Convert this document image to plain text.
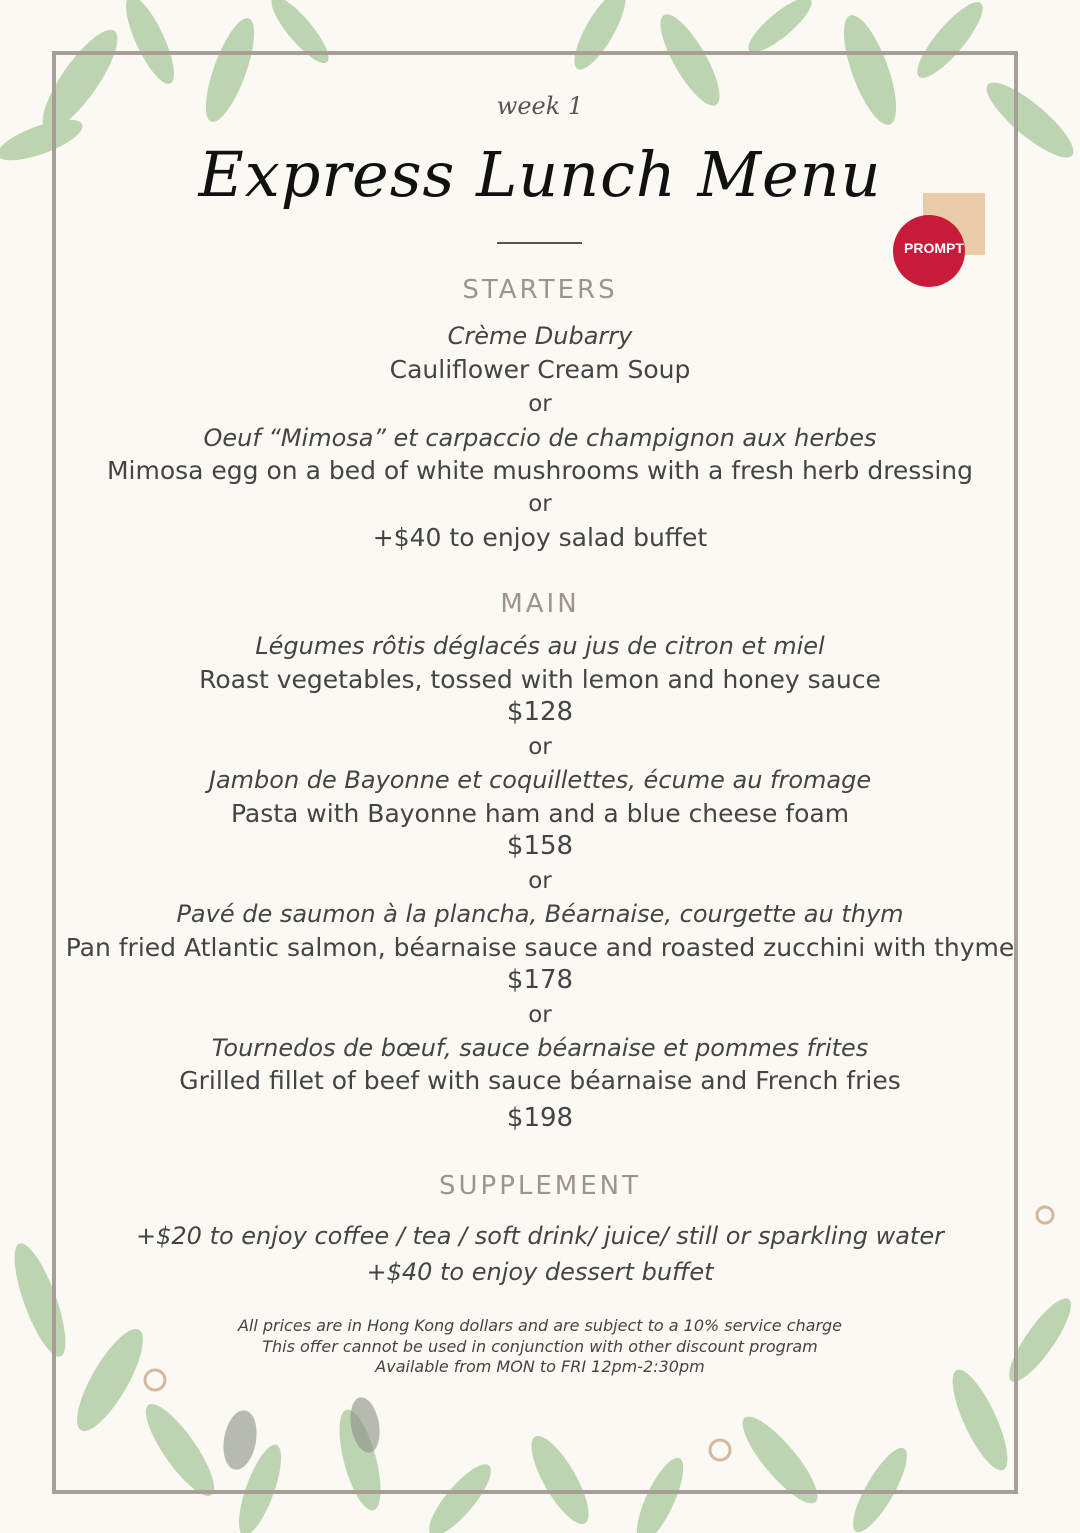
PROMPT
week 1
Express Lunch Menu
STARTERS
Crème Dubarry
Cauliflower Cream Soup
or
Oeuf “Mimosa” et carpaccio de champignon aux herbes
Mimosa egg on a bed of white mushrooms with a fresh herb dressing
or
+$40 to enjoy salad buffet
MAIN
Légumes rôtis déglacés au jus de citron et miel
Roast vegetables, tossed with lemon and honey sauce
$128
or
Jambon de Bayonne et coquillettes, écume au fromage
Pasta with Bayonne ham and a blue cheese foam
$158
or
Pavé de saumon à la plancha, Béarnaise, courgette au thym
Pan fried Atlantic salmon, béarnaise sauce and roasted zucchini with thyme
$178
or
Tournedos de bœuf, sauce béarnaise et pommes frites
Grilled fillet of beef with sauce béarnaise and French fries
$198
SUPPLEMENT
+$20 to enjoy coffee / tea / soft drink/ juice/ still or sparkling water
+$40 to enjoy dessert buffet
All prices are in Hong Kong dollars and are subject to a 10% service charge
This offer cannot be used in conjunction with other discount program
Available from MON to FRI 12pm-2:30pm
